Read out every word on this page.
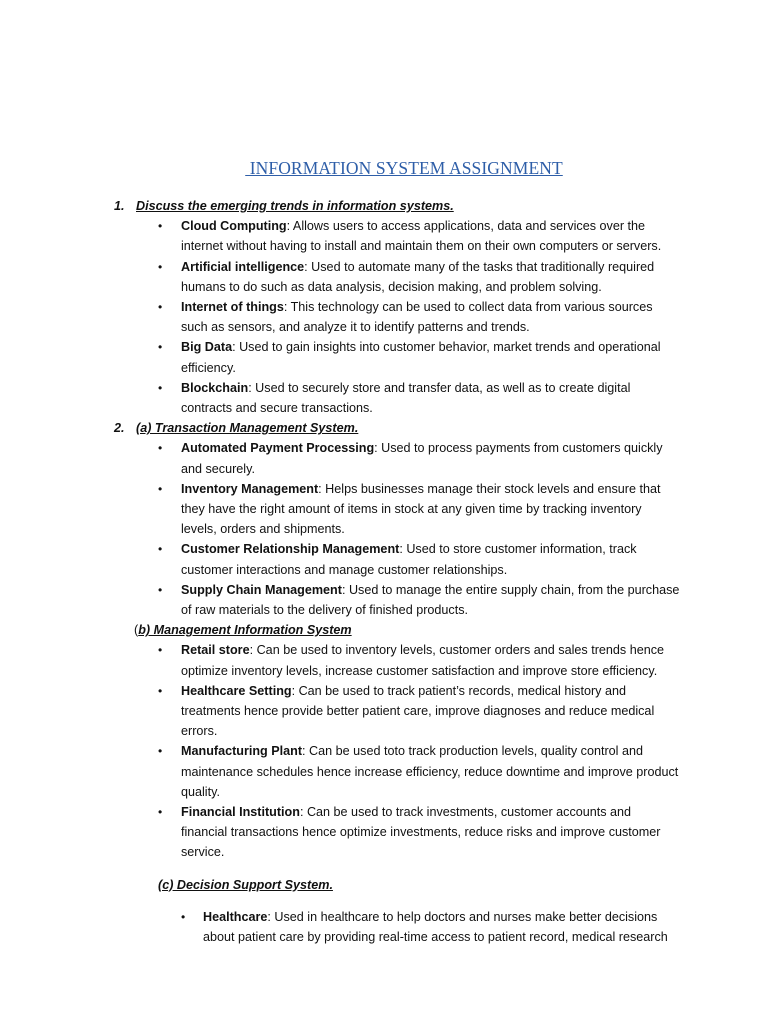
INFORMATION SYSTEM ASSIGNMENT
1. Discuss the emerging trends in information systems.
• Cloud Computing: Allows users to access applications, data and services over the internet without having to install and maintain them on their own computers or servers.
• Artificial intelligence: Used to automate many of the tasks that traditionally required humans to do such as data analysis, decision making, and problem solving.
• Internet of things: This technology can be used to collect data from various sources such as sensors, and analyze it to identify patterns and trends.
• Big Data: Used to gain insights into customer behavior, market trends and operational efficiency.
• Blockchain: Used to securely store and transfer data, as well as to create digital contracts and secure transactions.
2. (a) Transaction Management System.
• Automated Payment Processing: Used to process payments from customers quickly and securely.
• Inventory Management: Helps businesses manage their stock levels and ensure that they have the right amount of items in stock at any given time by tracking inventory levels, orders and shipments.
• Customer Relationship Management: Used to store customer information, track customer interactions and manage customer relationships.
• Supply Chain Management: Used to manage the entire supply chain, from the purchase of raw materials to the delivery of finished products.
(b) Management Information System
• Retail store: Can be used to inventory levels, customer orders and sales trends hence optimize inventory levels, increase customer satisfaction and improve store efficiency.
• Healthcare Setting: Can be used to track patient’s records, medical history and treatments hence provide better patient care, improve diagnoses and reduce medical errors.
• Manufacturing Plant: Can be used toto track production levels, quality control and maintenance schedules hence increase efficiency, reduce downtime and improve product quality.
• Financial Institution: Can be used to track investments, customer accounts and financial transactions hence optimize investments, reduce risks and improve customer service.
(c) Decision Support System.
• Healthcare: Used in healthcare to help doctors and nurses make better decisions about patient care by providing real-time access to patient record, medical research
